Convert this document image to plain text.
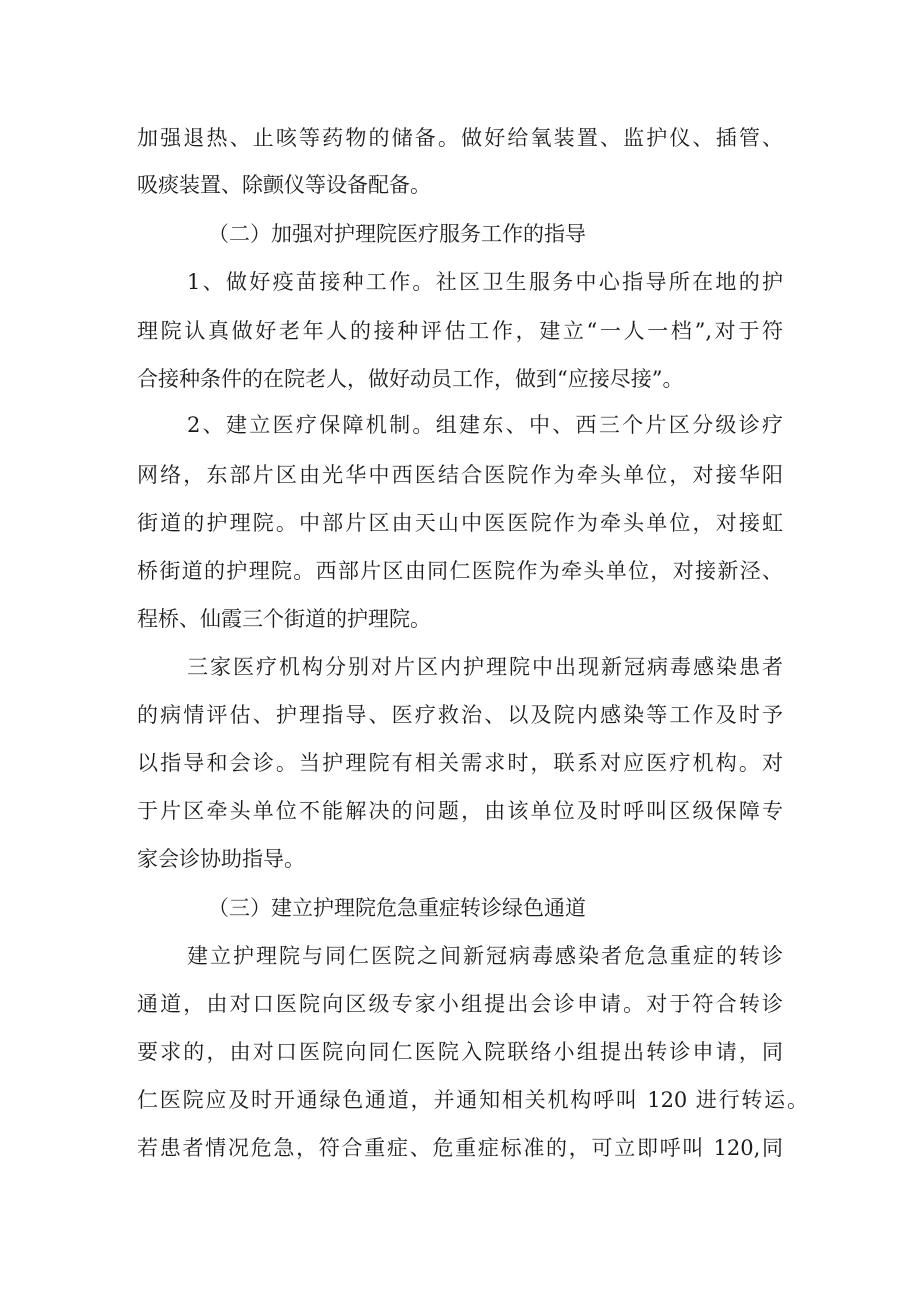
加强退热、止咳等药物的储备。做好给氧装置、监护仪、插管、

吸痰装置、除颤仪等设备配备。

（二）加强对护理院医疗服务工作的指导

1、做好疫苗接种工作。社区卫生服务中心指导所在地的护

理院认真做好老年人的接种评估工作，建立“一人一档”,对于符

合接种条件的在院老人，做好动员工作，做到“应接尽接”。

2、建立医疗保障机制。组建东、中、西三个片区分级诊疗

网络，东部片区由光华中西医结合医院作为牵头单位，对接华阳

街道的护理院。中部片区由天山中医医院作为牵头单位，对接虹

桥街道的护理院。西部片区由同仁医院作为牵头单位，对接新泾、

程桥、仙霞三个街道的护理院。

三家医疗机构分别对片区内护理院中出现新冠病毒感染患者

的病情评估、护理指导、医疗救治、以及院内感染等工作及时予

以指导和会诊。当护理院有相关需求时，联系对应医疗机构。对

于片区牵头单位不能解决的问题，由该单位及时呼叫区级保障专

家会诊协助指导。

（三）建立护理院危急重症转诊绿色通道

建立护理院与同仁医院之间新冠病毒感染者危急重症的转诊

通道，由对口医院向区级专家小组提出会诊申请。对于符合转诊

要求的，由对口医院向同仁医院入院联络小组提出转诊申请，同

仁医院应及时开通绿色通道，并通知相关机构呼叫 120 进行转运。

若患者情况危急，符合重症、危重症标准的，可立即呼叫 120,同
